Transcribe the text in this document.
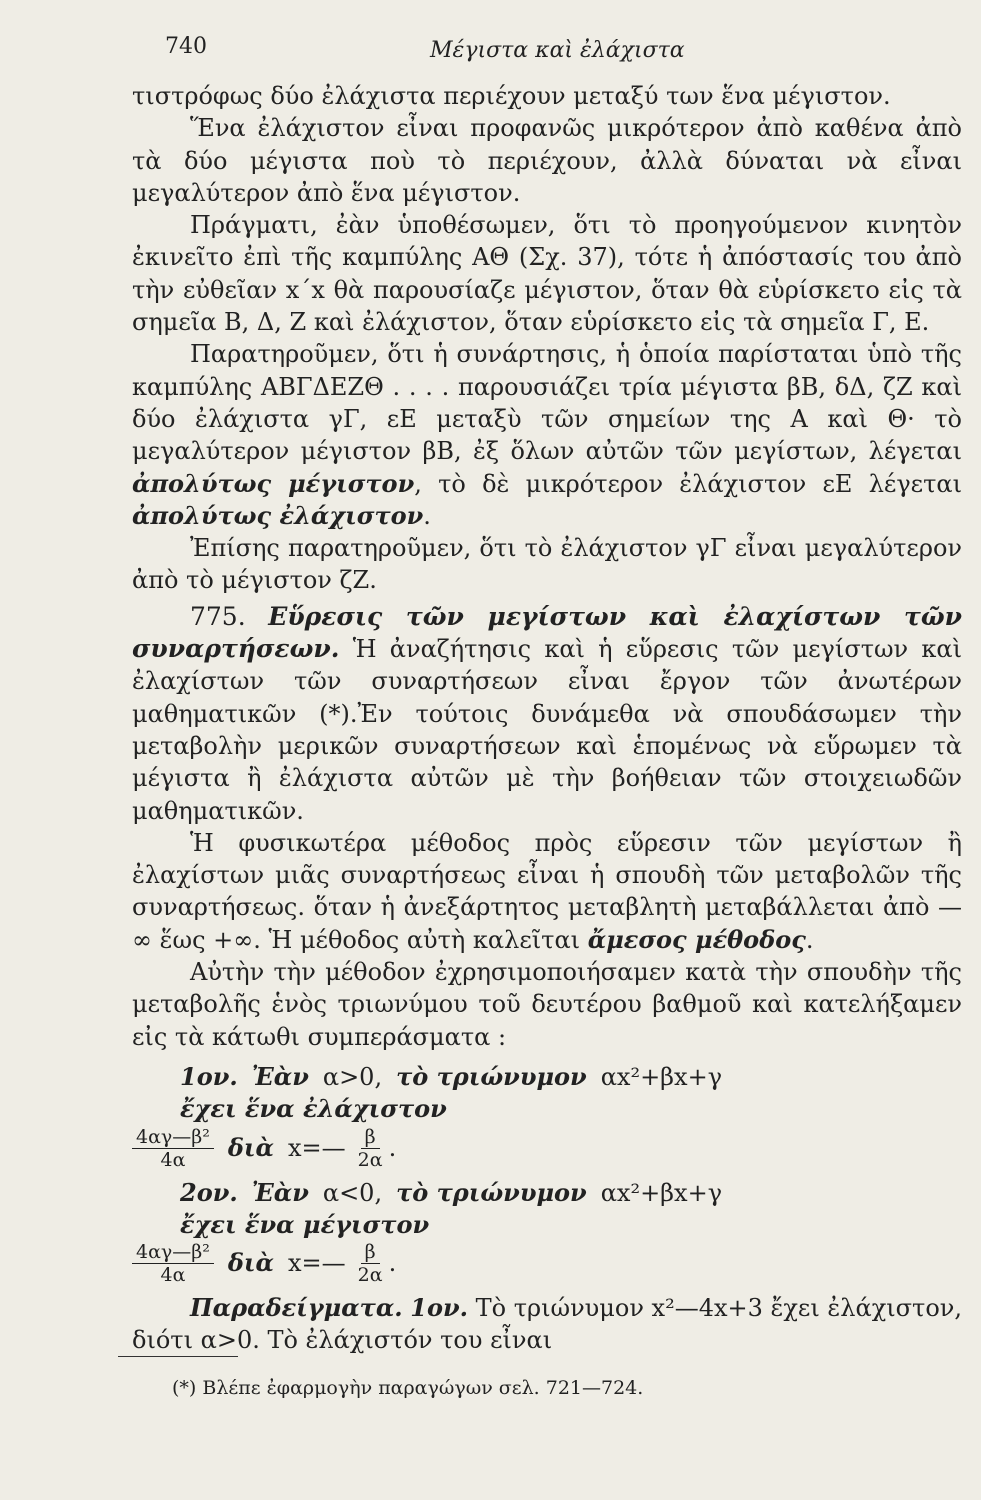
740	Μέγιστα καὶ ἐλάχιστα

τιστρόφως δύο ἐλάχιστα περιέχουν μεταξύ των ἕνα μέγιστον.

Ἕνα ἐλάχιστον εἶναι προφανῶς μικρότερον ἀπὸ καθένα ἀπὸ τὰ δύο μέγιστα ποὺ τὸ περιέχουν, ἀλλὰ δύναται νὰ εἶναι μεγαλύτερον ἀπὸ ἕνα μέγιστον.

Πράγματι, ἐὰν ὑποθέσωμεν, ὅτι τὸ προηγούμενον κινητὸν ἐκινεῖτο ἐπὶ τῆς καμπύλης ΑΘ (Σχ. 37), τότε ἡ ἀπόστασίς του ἀπὸ τὴν εὐθεῖαν x΄x θὰ παρουσίαζε μέγιστον, ὅταν θὰ εὑρίσκετο εἰς τὰ σημεῖα Β, Δ, Ζ καὶ ἐλάχιστον, ὅταν εὑρίσκετο εἰς τὰ σημεῖα Γ, Ε.

Παρατηροῦμεν, ὅτι ἡ συνάρτησις, ἡ ὁποία παρίσταται ὑπὸ τῆς καμπύλης ΑΒΓΔΕΖΘ . . . . παρουσιάζει τρία μέγιστα βΒ, δΔ, ζΖ καὶ δύο ἐλάχιστα γΓ, εΕ μεταξὺ τῶν σημείων της Α καὶ Θ· τὸ μεγαλύτερον μέγιστον βΒ, ἐξ ὅλων αὐτῶν τῶν μεγίστων, λέγεται ἀπολύτως μέγιστον, τὸ δὲ μικρότερον ἐλάχιστον εΕ λέγεται ἀπολύτως ἐλάχιστον.

Ἐπίσης παρατηροῦμεν, ὅτι τὸ ἐλάχιστον γΓ εἶναι μεγαλύτερον ἀπὸ τὸ μέγιστον ζΖ.

775. Εὕρεσις τῶν μεγίστων καὶ ἐλαχίστων τῶν συναρτήσεων. Ἡ ἀναζήτησις καὶ ἡ εὕρεσις τῶν μεγίστων καὶ ἐλαχίστων τῶν συναρτήσεων εἶναι ἔργον τῶν ἀνωτέρων μαθηματικῶν (*).Ἐν τούτοις δυνάμεθα νὰ σπουδάσωμεν τὴν μεταβολὴν μερικῶν συναρτήσεων καὶ ἑπομένως νὰ εὕρωμεν τὰ μέγιστα ἢ ἐλάχιστα αὐτῶν μὲ τὴν βοήθειαν τῶν στοιχειωδῶν μαθηματικῶν.

Ἡ φυσικωτέρα μέθοδος πρὸς εὕρεσιν τῶν μεγίστων ἢ ἐλαχίστων μιᾶς συναρτήσεως εἶναι ἡ σπουδὴ τῶν μεταβολῶν τῆς συναρτήσεως. ὅταν ἡ ἀνεξάρτητος μεταβλητὴ μεταβάλλεται ἀπὸ — ∞ ἕως +∞. Ἡ μέθοδος αὐτὴ καλεῖται ἄμεσος μέθοδος.

Αὐτὴν τὴν μέθοδον ἐχρησιμοποιήσαμεν κατὰ τὴν σπουδὴν τῆς μεταβολῆς ἑνὸς τριωνύμου τοῦ δευτέρου βαθμοῦ καὶ κατελήξαμεν εἰς τὰ κάτωθι συμπεράσματα :

1ον. Ἐὰν α>0, τὸ τριώνυμον αx²+βx+γ
ἔχει ἕνα ἐλάχιστον
$\frac{\text{4αγ—β²}}{4\alpha}$ διὰ x=— $\frac{\beta}{2\alpha}$ .
2ον. Ἐὰν α<0, τὸ τριώνυμον αx²+βx+γ
ἔχει ἕνα μέγιστον
$\frac{\text{4αγ—β²}}{4\alpha}$ διὰ x=— $\frac{\beta}{2\alpha}$ .

Παραδείγματα. 1ον. Τὸ τριώνυμον x²—4x+3 ἔχει ἐλάχιστον, διότι α>0. Τὸ ἐλάχιστόν του εἶναι

(*) Βλέπε ἐφαρμογὴν παραγώγων σελ. 721—724.
